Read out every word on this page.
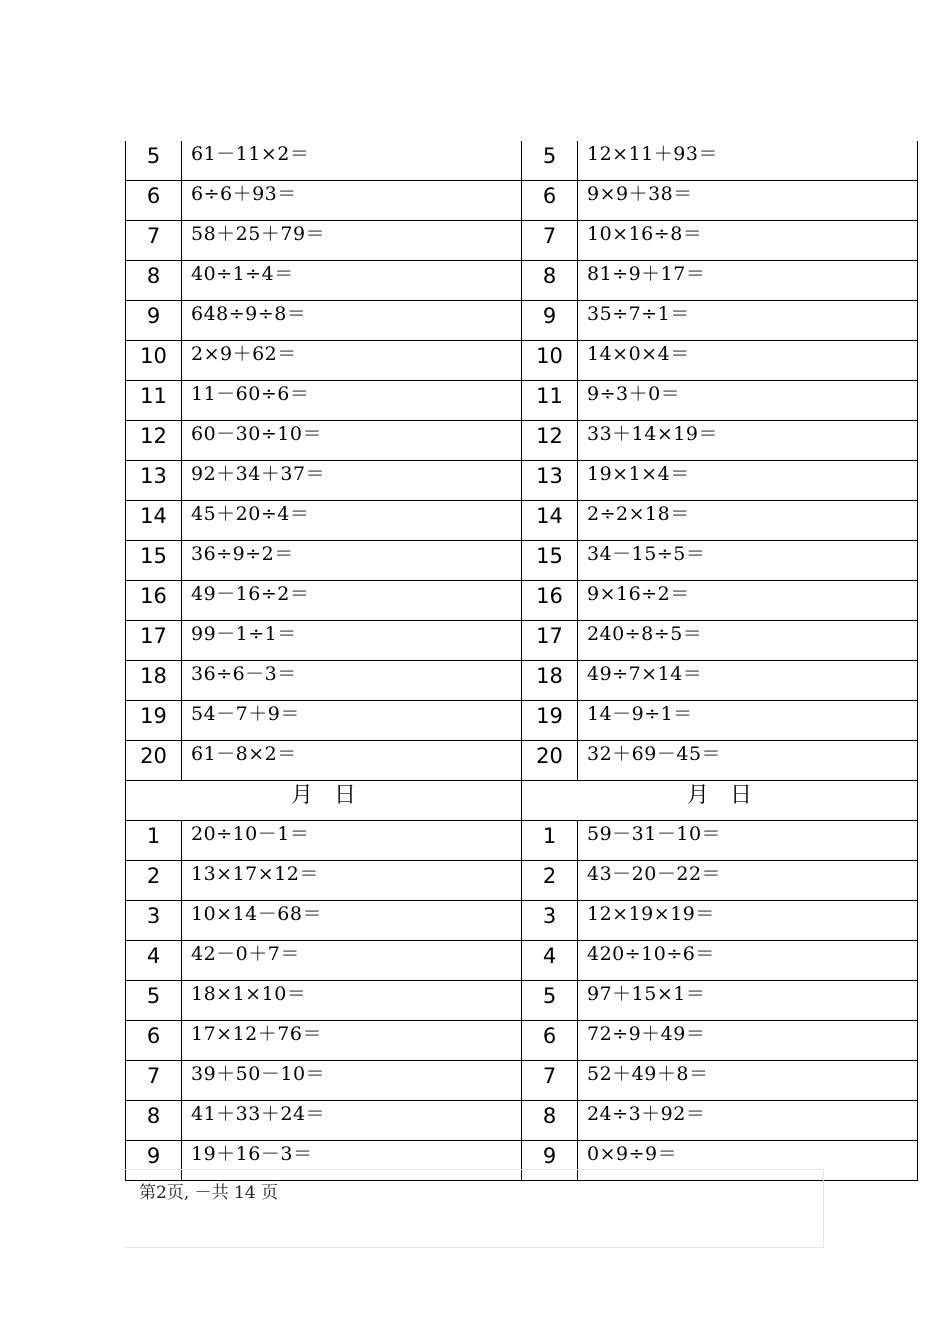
5	61－11×2＝	5	12×11＋93＝
6	6÷6＋93＝	6	9×9＋38＝
7	58＋25＋79＝	7	10×16÷8＝
8	40÷1÷4＝	8	81÷9＋17＝
9	648÷9÷8＝	9	35÷7÷1＝
10	2×9＋62＝	10	14×0×4＝
11	11－60÷6＝	11	9÷3＋0＝
12	60－30÷10＝	12	33＋14×19＝
13	92＋34＋37＝	13	19×1×4＝
14	45＋20÷4＝	14	2÷2×18＝
15	36÷9÷2＝	15	34－15÷5＝
16	49－16÷2＝	16	9×16÷2＝
17	99－1÷1＝	17	240÷8÷5＝
18	36÷6－3＝	18	49÷7×14＝
19	54－7＋9＝	19	14－9÷1＝
20	61－8×2＝	20	32＋69－45＝
月 日		月 日	
1	20÷10－1＝	1	59－31－10＝
2	13×17×12＝	2	43－20－22＝
3	10×14－68＝	3	12×19×19＝
4	42－0＋7＝	4	420÷10÷6＝
5	18×1×10＝	5	97＋15×1＝
6	17×12＋76＝	6	72÷9＋49＝
7	39＋50－10＝	7	52＋49＋8＝
8	41＋33＋24＝	8	24÷3＋92＝
9	19＋16－3＝	9	0×9÷9＝
第2页, －共 14 页
